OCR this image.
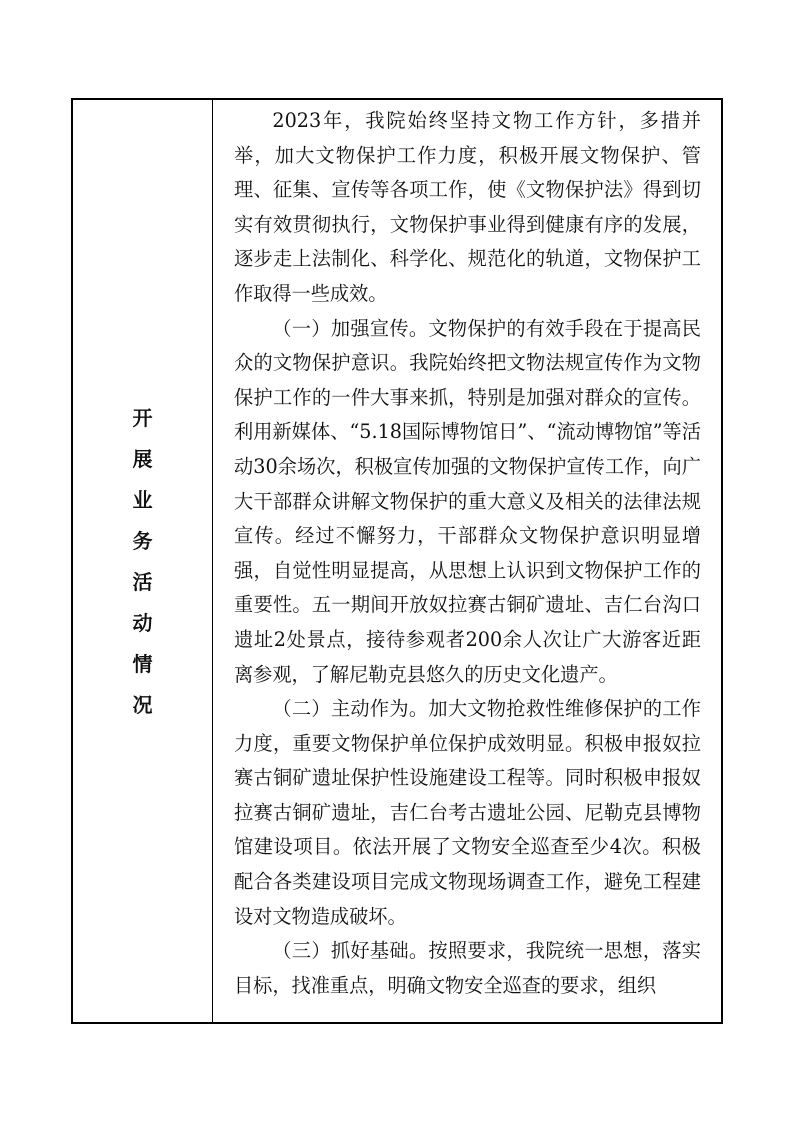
开
展
业
务
活
动
情
况

2023年，我院始终坚持文物工作方针，多措并举，加大文物保护工作力度，积极开展文物保护、管理、征集、宣传等各项工作，使《文物保护法》得到切实有效贯彻执行，文物保护事业得到健康有序的发展，逐步走上法制化、科学化、规范化的轨道，文物保护工作取得一些成效。

（一）加强宣传。文物保护的有效手段在于提高民众的文物保护意识。我院始终把文物法规宣传作为文物保护工作的一件大事来抓，特别是加强对群众的宣传。利用新媒体、“5.18国际博物馆日”、“流动博物馆”等活动30余场次，积极宣传加强的文物保护宣传工作，向广大干部群众讲解文物保护的重大意义及相关的法律法规宣传。经过不懈努力，干部群众文物保护意识明显增强，自觉性明显提高，从思想上认识到文物保护工作的重要性。五一期间开放奴拉赛古铜矿遗址、吉仁台沟口遗址2处景点，接待参观者200余人次让广大游客近距离参观，了解尼勒克县悠久的历史文化遗产。

（二）主动作为。加大文物抢救性维修保护的工作力度，重要文物保护单位保护成效明显。积极申报奴拉赛古铜矿遗址保护性设施建设工程等。同时积极申报奴拉赛古铜矿遗址，吉仁台考古遗址公园、尼勒克县博物馆建设项目。依法开展了文物安全巡查至少4次。积极配合各类建设项目完成文物现场调查工作，避免工程建设对文物造成破坏。

（三）抓好基础。按照要求，我院统一思想，落实目标，找准重点，明确文物安全巡查的要求，组织
